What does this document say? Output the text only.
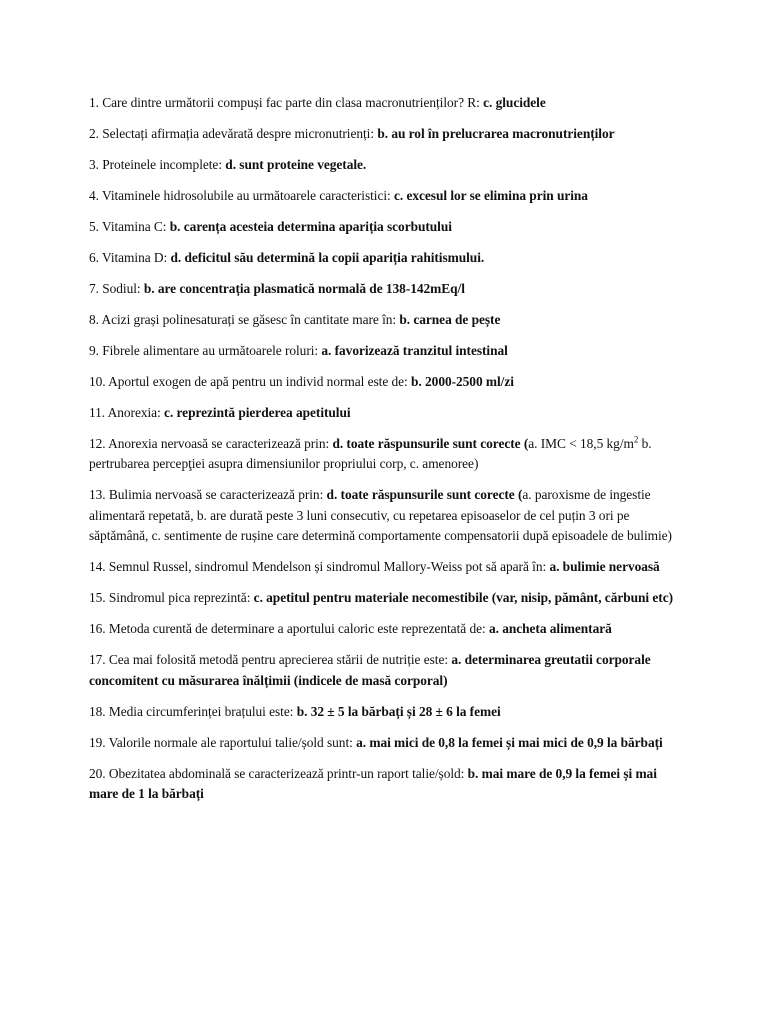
1. Care dintre următorii compuși fac parte din clasa macronutrienților? R: c. glucidele
2. Selectați afirmația adevărată despre micronutrienți: b. au rol în prelucrarea macronutrienților
3. Proteinele incomplete: d. sunt proteine vegetale.
4. Vitaminele hidrosolubile au următoarele caracteristici: c. excesul lor se elimina prin urina
5. Vitamina C: b. carența acesteia determina apariția scorbutului
6. Vitamina D: d. deficitul său determină la copii apariția rahitismului.
7. Sodiul: b. are concentrația plasmatică normală de 138-142mEq/l
8. Acizi grași polinesaturați se găsesc în cantitate mare în: b. carnea de pește
9. Fibrele alimentare au următoarele roluri: a. favorizează tranzitul intestinal
10. Aportul exogen de apă pentru un individ normal este de: b. 2000-2500 ml/zi
11. Anorexia: c. reprezintă pierderea apetitului
12. Anorexia nervoasă se caracterizează prin: d. toate răspunsurile sunt corecte (a. IMC < 18,5 $kg/m^2$ b. pertrubarea percepţiei asupra dimensiunilor propriului corp, c. amenoree)
13. Bulimia nervoasă se caracterizează prin: d. toate răspunsurile sunt corecte (a. paroxisme de ingestie alimentară repetată, b. are durată peste 3 luni consecutiv, cu repetarea episoaselor de cel puțin 3 ori pe săptămână, c. sentimente de rușine care determină comportamente compensatorii după episoadele de bulimie)
14. Semnul Russel, sindromul Mendelson și sindromul Mallory-Weiss pot să apară în: a. bulimie nervoasă
15. Sindromul pica reprezintă: c. apetitul pentru materiale necomestibile (var, nisip, pământ, cărbuni etc)
16. Metoda curentă de determinare a aportului caloric este reprezentată de: a. ancheta alimentară
17. Cea mai folosită metodă pentru aprecierea stării de nutriție este: a. determinarea greutatii corporale concomitent cu măsurarea înălțimii (indicele de masă corporal)
18. Media circumferinței brațului este: b. 32 ± 5 la bărbați și 28 ± 6 la femei
19. Valorile normale ale raportului talie/șold sunt: a. mai mici de 0,8 la femei și mai mici de 0,9 la bărbați
20. Obezitatea abdominală se caracterizează printr-un raport talie/șold: b. mai mare de 0,9 la femei și mai mare de 1 la bărbați
